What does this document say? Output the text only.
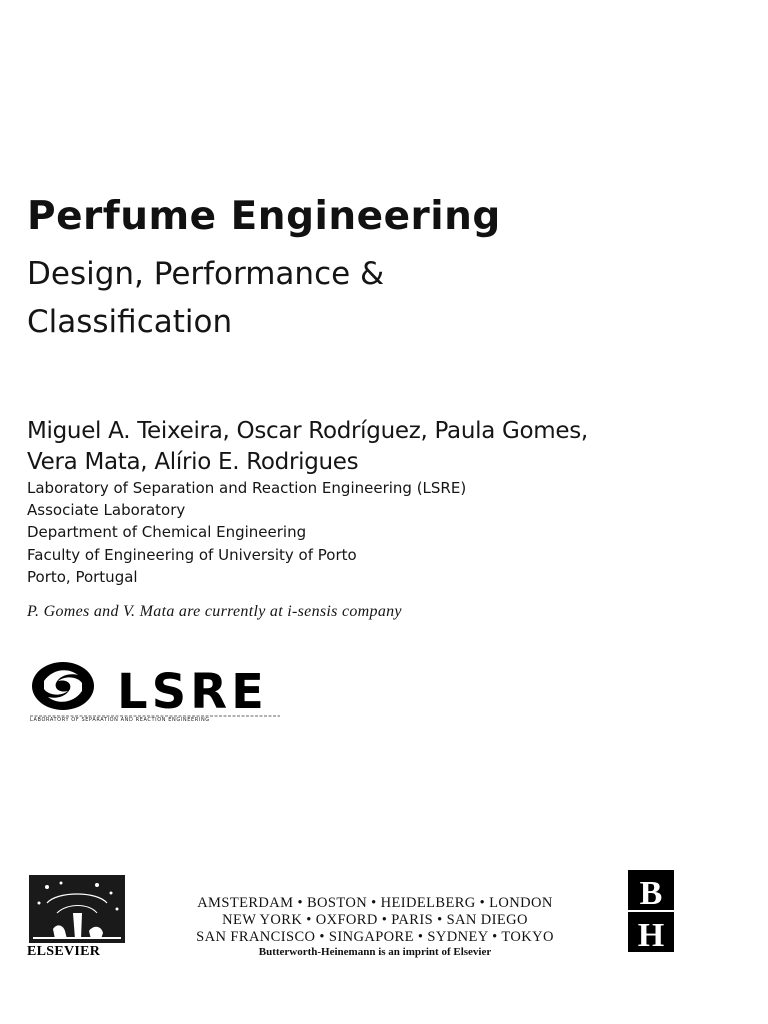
Perfume Engineering
Design, Performance &
Classification
Miguel A. Teixeira, Oscar Rodríguez, Paula Gomes,
Vera Mata, Alírio E. Rodrigues
Laboratory of Separation and Reaction Engineering (LSRE)
Associate Laboratory
Department of Chemical Engineering
Faculty of Engineering of University of Porto
Porto, Portugal
P. Gomes and V. Mata are currently at i-sensis company
LSRE
LABORATORY OF SEPARATION AND REACTION ENGINEERING
ELSEVIER
AMSTERDAM • BOSTON • HEIDELBERG • LONDON
NEW YORK • OXFORD • PARIS • SAN DIEGO
SAN FRANCISCO • SINGAPORE • SYDNEY • TOKYO
Butterworth-Heinemann is an imprint of Elsevier
B
H
